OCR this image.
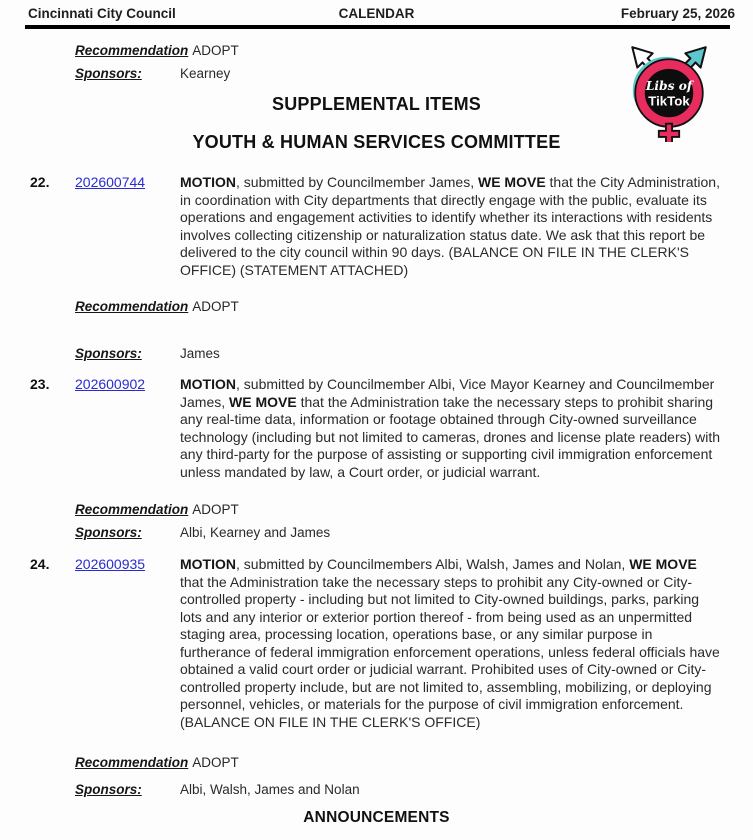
Cincinnati City Council	CALENDAR	February 25, 2026
Libs of
TikTok
Recommendation ADOPT
Sponsors:	Kearney
SUPPLEMENTAL ITEMS
YOUTH & HUMAN SERVICES COMMITTEE
22.	202600744	MOTION, submitted by Councilmember James, WE MOVE that the City Administration, in coordination with City departments that directly engage with the public, evaluate its operations and engagement activities to identify whether its interactions with residents involves collecting citizenship or naturalization status date. We ask that this report be delivered to the city council within 90 days. (BALANCE ON FILE IN THE CLERK'S OFFICE) (STATEMENT ATTACHED)

Recommendation ADOPT
Sponsors:	James
23.	202600902	MOTION, submitted by Councilmember Albi, Vice Mayor Kearney and Councilmember James, WE MOVE that the Administration take the necessary steps to prohibit sharing any real-time data, information or footage obtained through City-owned surveillance technology (including but not limited to cameras, drones and license plate readers) with any third-party for the purpose of assisting or supporting civil immigration enforcement unless mandated by law, a Court order, or judicial warrant.

Recommendation ADOPT
Sponsors:	Albi, Kearney and James
24.	202600935	MOTION, submitted by Councilmembers Albi, Walsh, James and Nolan, WE MOVE that the Administration take the necessary steps to prohibit any City-owned or City-controlled property - including but not limited to City-owned buildings, parks, parking lots and any interior or exterior portion thereof - from being used as an unpermitted staging area, processing location, operations base, or any similar purpose in furtherance of federal immigration enforcement operations, unless federal officials have obtained a valid court order or judicial warrant. Prohibited uses of City-owned or City-controlled property include, but are not limited to, assembling, mobilizing, or deploying personnel, vehicles, or materials for the purpose of civil immigration enforcement. (BALANCE ON FILE IN THE CLERK'S OFFICE)

Recommendation ADOPT
Sponsors:	Albi, Walsh, James and Nolan
ANNOUNCEMENTS
